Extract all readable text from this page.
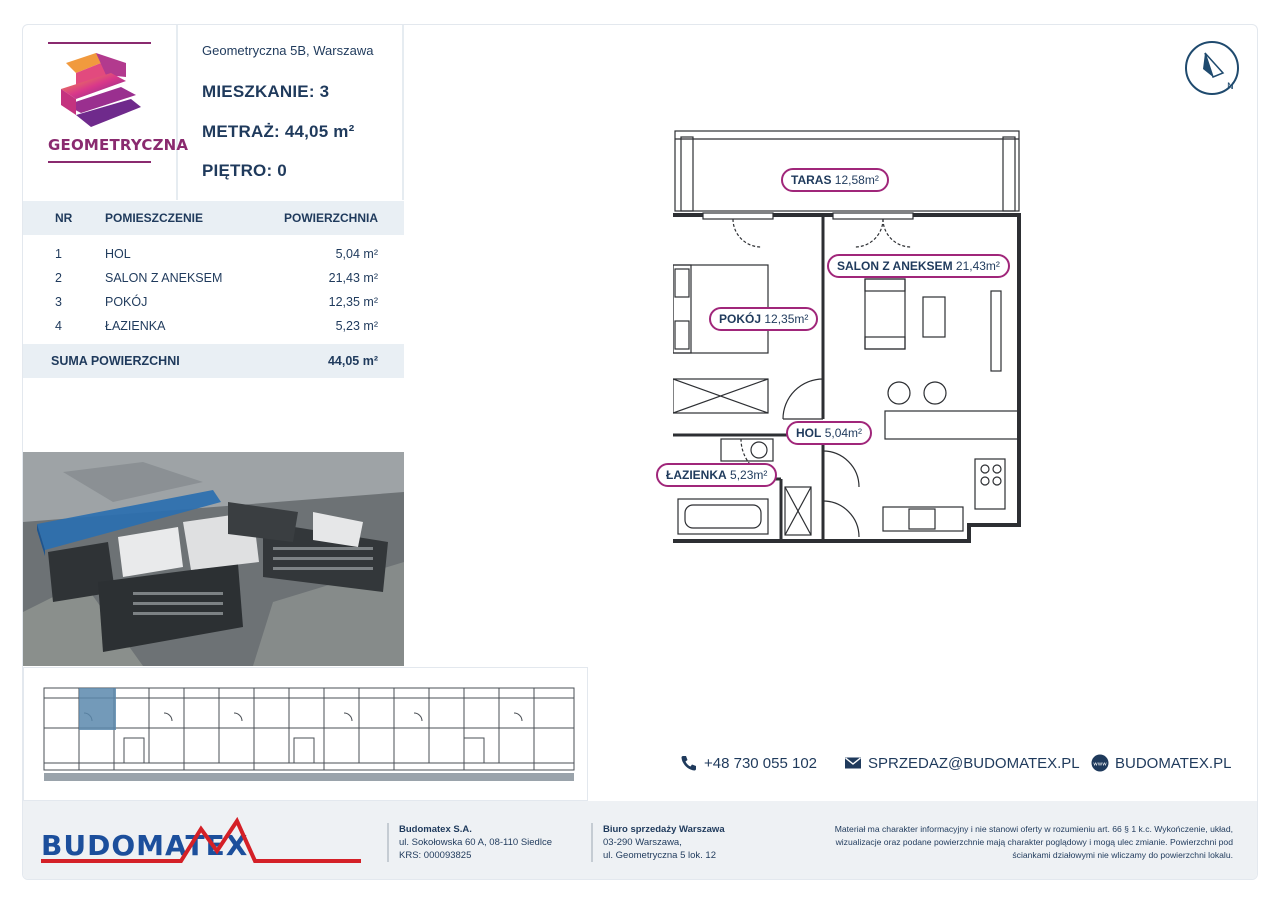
GEOMETRYCZNA
Geometryczna 5B, Warszawa
MIESZKANIE: 3
METRAŻ: 44,05 m²
PIĘTRO: 0
NR	POMIESZCZENIE	POWIERZCHNIA
1	HOL	5,04 m²
2	SALON Z ANEKSEM	21,43 m²
3	POKÓJ	12,35 m²
4	ŁAZIENKA	5,23 m²
SUMA POWIERZCHNI	44,05 m²
N
TARAS 12,58m²
SALON Z ANEKSEM 21,43m²
POKÓJ 12,35m²
HOL 5,04m²
ŁAZIENKA 5,23m²
+48 730 055 102	SPRZEDAZ@BUDOMATEX.PL www BUDOMATEX.PL
BUDOMATEX	Budomatex S.A.
ul. Sokołowska 60 A, 08-110 Siedlce
KRS: 000093825
Biuro sprzedaży Warszawa
03-290 Warszawa,
ul. Geometryczna 5 lok. 12
Materiał ma charakter informacyjny i nie stanowi oferty w rozumieniu art. 66 § 1 k.c. Wykończenie, układ,
wizualizacje oraz podane powierzchnie mają charakter poglądowy i mogą ulec zmianie. Powierzchni pod
ściankami działowymi nie wliczamy do powierzchni lokalu.
